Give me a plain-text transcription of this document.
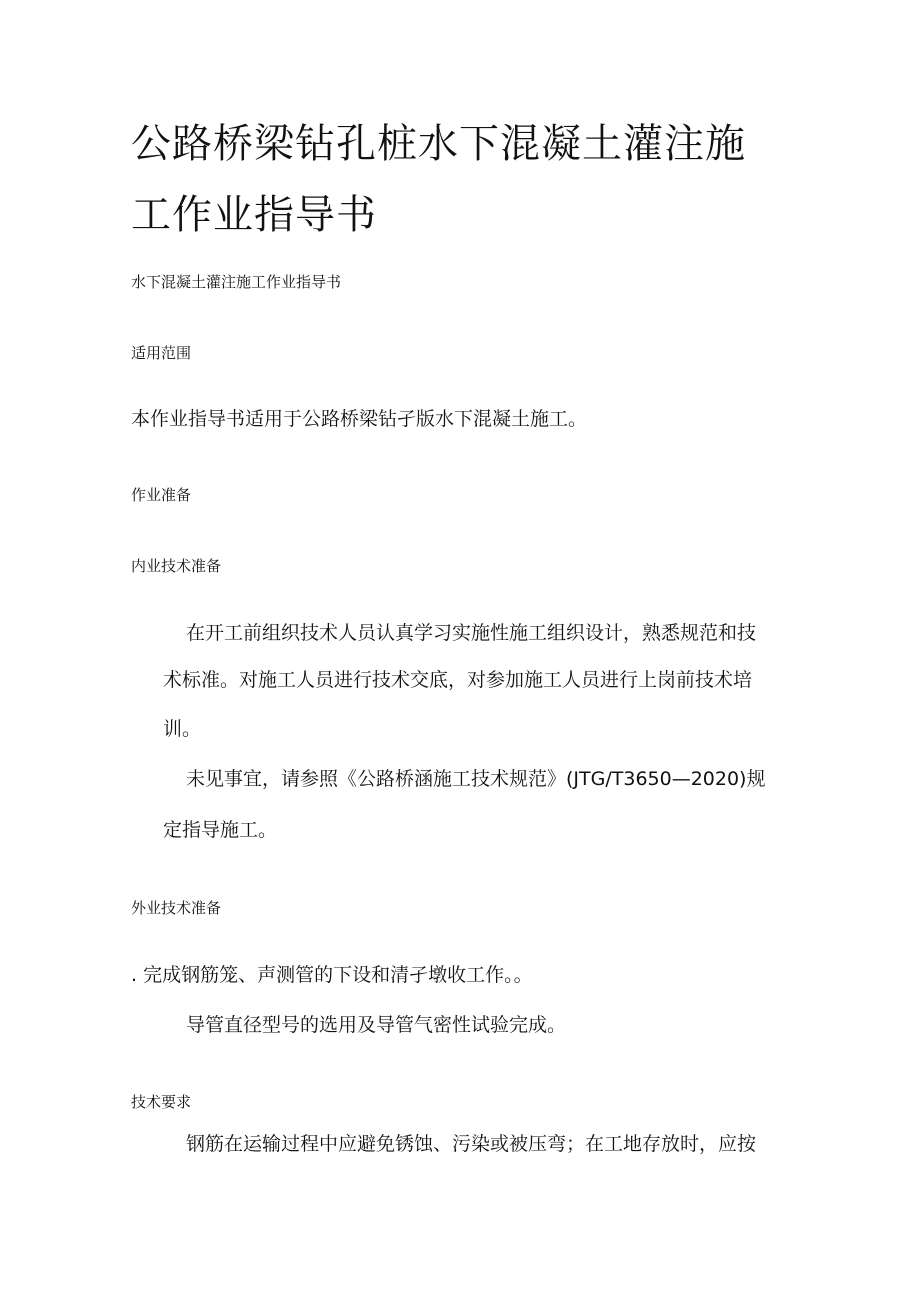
公路桥梁钻孔桩水下混凝土灌注施
工作业指导书
水下混凝土灌注施工作业指导书
适用范围
本作业指导书适用于公路桥梁钻孑版水下混凝土施工。
作业准备
内业技术准备
在开工前组织技术人员认真学习实施性施工组织设计，熟悉规范和技
术标准。对施工人员进行技术交底，对参加施工人员进行上岗前技术培
训。
未见事宜，请参照《公路桥涵施工技术规范》(JTG/T3650—2020)规
定指导施工。
外业技术准备
. 完成钢筋笼、声测管的下设和清孑墩收工作。。
导管直径型号的选用及导管气密性试验完成。
技术要求
钢筋在运输过程中应避免锈蚀、污染或被压弯；在工地存放时，应按
